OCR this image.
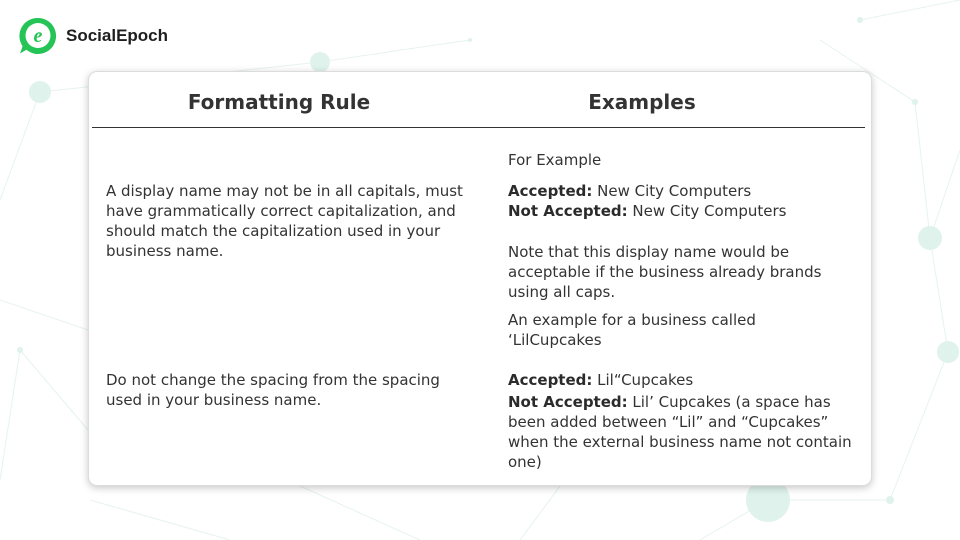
e SocialEpoch
Formatting Rule	Examples
A display name may not be in all capitals, must have grammatically correct capitalization, and should match the capitalization used in your business name.
For Example
Accepted: New City Computers
Not Accepted: New City Computers
Note that this display name would be acceptable if the business already brands using all caps.
An example for a business called ‘LilCupcakes
Do not change the spacing from the spacing used in your business name.
Accepted: Lil“Cupcakes
Not Accepted: Lil’ Cupcakes (a space has been added between “Lil” and “Cupcakes” when the external business name not contain one)
